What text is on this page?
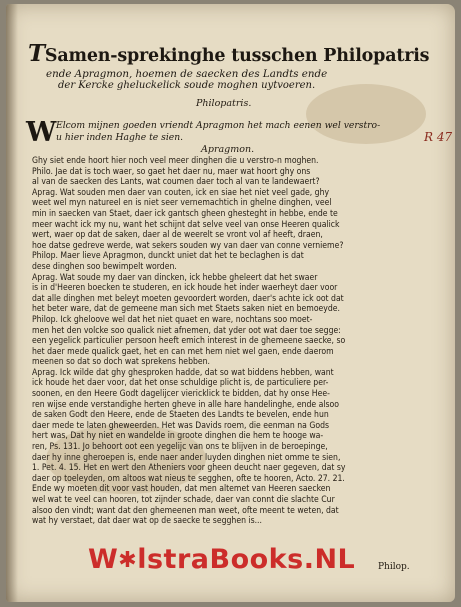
TSamen-sprekinghe tusschen Philopatris
ende Apragmon, hoemen de saecken des Landts ende
der Kercke gheluckelick soude moghen uytvoeren.
Philopatris.
W Elcom mijnen goeden vriendt Apragmon het mach eenen wel verstro-
u hier inden Haghe te sien.
Apragmon.
R 47
Ghy siet ende hoort hier noch veel meer dinghen die u verstro-n moghen.
Philo. Jae dat is toch waer, so gaet het daer nu, maer wat hoort ghy ons
al van de saecken des Lants, wat coumen daer toch al van te landewaert?
Aprag. Wat souden men daer van couten, ick en siae het niet veel gade, ghy
weet wel myn natureel en is niet seer vernemachtich in ghelne dinghen, veel
min in saecken van Staet, daer ick gantsch gheen ghesteght in hebbe, ende te
meer wacht ick my nu, want het schijnt dat selve veel van onse Heeren qualick
wert, waer op dat de saken, daer al de weerelt se vront vol af heeft, draen,
hoe datse gedreve werde, wat sekers souden wy van daer van conne vernieme?
Philop. Maer lieve Apragmon, dunckt uniet dat het te beclaghen is dat
dese dinghen soo bewimpelt worden.
Aprag. Wat soude my daer van dincken, ick hebbe gheleert dat het swaer
is in d'Heeren boecken te studeren, en ick houde het inder waerheyt daer voor
dat alle dinghen met beleyt moeten gevoordert worden, daer's achte ick oot dat
het beter ware, dat de gemeene man sich met Staets saken niet en bemoeyde.
Philop. Ick gheloove wel dat het niet quaet en ware, nochtans soo moet-
men het den volcke soo qualick niet afnemen, dat yder oot wat daer toe segge:
een yegelick particulier persoon heeft emich interest in de ghemeene saecke, so
het daer mede qualick gaet, het en can met hem niet wel gaen, ende daerom
meenen so dat so doch wat sprekens hebben.
Aprag. Ick wilde dat ghy ghesproken hadde, dat so wat biddens hebben, want
ick houde het daer voor, dat het onse schuldige plicht is, de particuliere per-
soonen, en den Heere Godt dagelijcer viericklick te bidden, dat hy onse Hee-
ren wijse ende verstandighe herten gheve in alle hare handelinghe, ende alsoo
de saken Godt den Heere, ende de Staeten des Landts te bevelen, ende hun
daer mede te laten gheweerden. Het was Davids roem, die eenman na Gods
hert was, Dat hy niet en wandelde in groote dinghen die hem te hooge wa-
ren, Ps. 131. Jo behoort oot een yegelijc van ons te blijven in de beroepinge,
daer hy inne gheroepen is, ende naer ander luyden dinghen niet omme te sien,
1. Pet. 4. 15. Het en wert den Atheniers voor gheen deucht naer gegeven, dat sy
daer op toeleyden, om altoos wat nieus te segghen, ofte te hooren, Acto. 27. 21.
Ende wy moeten dit voor vast houden, dat men altemet van Heeren saecken
wel wat te veel can hooren, tot zijnder schade, daer van connt die slachte Cur
alsoo den vindt; want dat den ghemeenen man weet, ofte meent te weten, dat
wat hy verstaet, dat daer wat op de saecke te segghen is...
W✱lstraBooks.NL	Philop.
